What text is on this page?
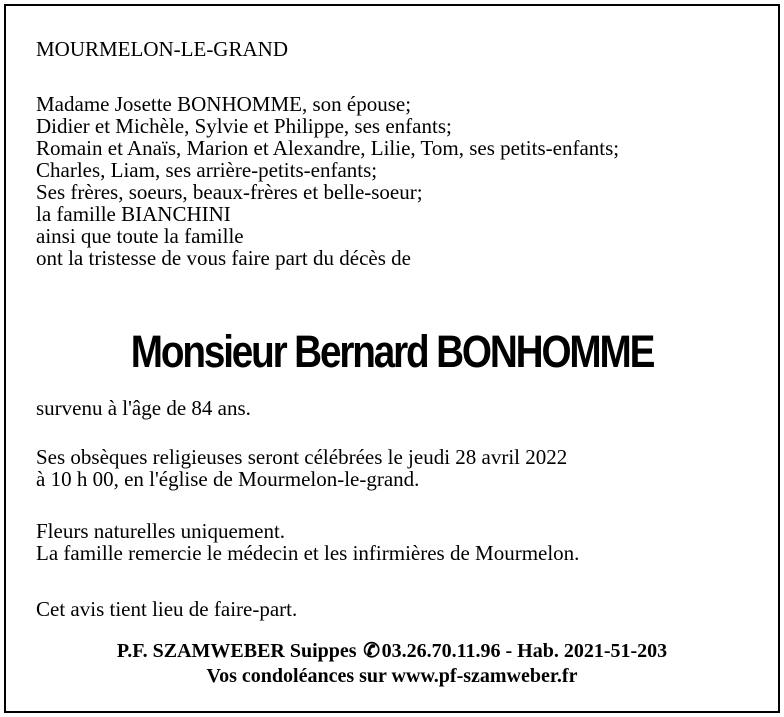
MOURMELON-LE-GRAND
Madame Josette BONHOMME, son épouse;
Didier et Michèle, Sylvie et Philippe, ses enfants;
Romain et Anaïs, Marion et Alexandre, Lilie, Tom, ses petits-enfants;
Charles, Liam, ses arrière-petits-enfants;
Ses frères, soeurs, beaux-frères et belle-soeur;
la famille BIANCHINI
ainsi que toute la famille
ont la tristesse de vous faire part du décès de
Monsieur Bernard BONHOMME
survenu à l'âge de 84 ans.
Ses obsèques religieuses seront célébrées le jeudi 28 avril 2022
à 10 h 00, en l'église de Mourmelon-le-grand.
Fleurs naturelles uniquement.
La famille remercie le médecin et les infirmières de Mourmelon.
Cet avis tient lieu de faire-part.
P.F. SZAMWEBER Suippes ✆03.26.70.11.96 - Hab. 2021-51-203
Vos condoléances sur www.pf-szamweber.fr
